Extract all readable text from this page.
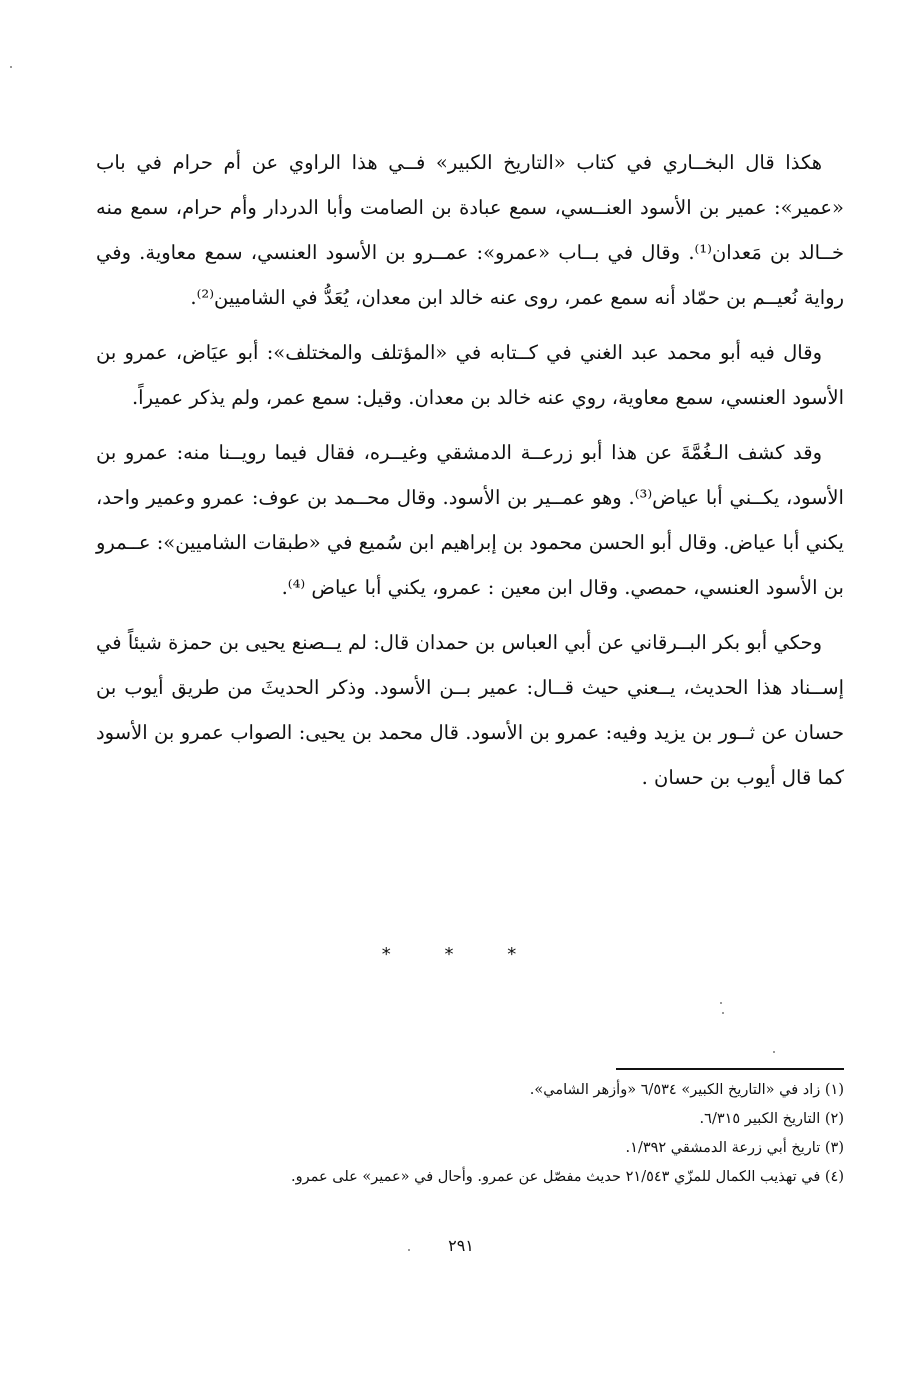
هكذا قال البخــاري في كتاب «التاريخ الكبير» فــي هذا الراوي عن أم حرام في باب «عمير»: عمير بن الأسود العنــسي، سمع عبادة بن الصامت وأبا الدردار وأم حرام، سمع منه خــالد بن مَعدان⁽¹⁾. وقال في بــاب «عمرو»: عمــرو بن الأسود العنسي، سمع معاوية. وفي رواية نُعيــم بن حمّاد أنه سمع عمر، روى عنه خالد ابن معدان، يُعَدُّ في الشاميين⁽²⁾.

وقال فيه أبو محمد عبد الغني في كــتابه في «المؤتلف والمختلف»: أبو عيَاض، عمرو بن الأسود العنسي، سمع معاوية، روي عنه خالد بن معدان. وقيل: سمع عمر، ولم يذكر عميراً.

وقد كشف الـغُمَّةَ عن هذا أبو زرعــة الدمشقي وغيــره، فقال فيما رويــنا منه: عمرو بن الأسود، يكــني أبا عياض⁽³⁾. وهو عمــير بن الأسود. وقال محــمد بن عوف: عمرو وعمير واحد، يكني أبا عياض. وقال أبو الحسن محمود بن إبراهيم ابن سُميع في «طبقات الشاميين»: عــمرو بن الأسود العنسي، حمصي. وقال ابن معين : عمرو، يكني أبا عياض ⁽⁴⁾.

وحكي أبو بكر البــرقاني عن أبي العباس بن حمدان قال: لم يــصنع يحيى بن حمزة شيئاً في إســناد هذا الحديث، يــعني حيث قــال: عمير بــن الأسود. وذكر الحديثَ من طريق أيوب بن حسان عن ثــور بن يزيد وفيه: عمرو بن الأسود. قال محمد بن يحيى: الصواب عمرو بن الأسود كما قال أيوب بن حسان .

* * *

(١) زاد في «التاريخ الكبير» ٦/٥٣٤ «وأزهر الشامي».

(٢) التاريخ الكبير ٦/٣١٥.

(٣) تاريخ أبي زرعة الدمشقي ١/٣٩٢.

(٤) في تهذيب الكمال للمزّي ٢١/٥٤٣ حديث مفصّل عن عمرو. وأحال في «عمير» على عمرو.

٢٩١
